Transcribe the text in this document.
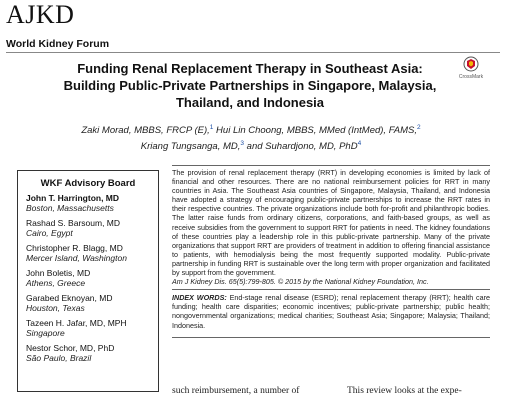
AJKD
World Kidney Forum
Funding Renal Replacement Therapy in Southeast Asia:
Building Public-Private Partnerships in Singapore, Malaysia,
Thailand, and Indonesia
CrossMark
Zaki Morad, MBBS, FRCP (E),$^1$ Hui Lin Choong, MBBS, MMed (IntMed), FAMS,$^2$
Kriang Tungsanga, MD,$^3$ and Suhardjono, MD, PhD$^4$
WKF Advisory Board
John T. Harrington, MD
Boston, Massachusetts
Rashad S. Barsoum, MD
Cairo, Egypt
Christopher R. Blagg, MD
Mercer Island, Washington
John Boletis, MD
Athens, Greece
Garabed Eknoyan, MD
Houston, Texas
Tazeen H. Jafar, MD, MPH
Singapore
Nestor Schor, MD, PhD
São Paulo, Brazil
The provision of renal replacement therapy (RRT) in developing economies is limited by lack of financial and other resources. There are no national reimbursement policies for RRT in many countries in Asia. The Southeast Asia countries of Singapore, Malaysia, Thailand, and Indonesia have adopted a strategy of encouraging public-private partnerships to increase the RRT rates in their respective countries. The private organizations include both for-profit and philanthropic bodies. The latter raise funds from ordinary citizens, corporations, and faith-based groups, as well as receive subsidies from the government to support RRT for patients in need. The kidney foundations of these countries play a leadership role in this public-private partnership. Many of the private organizations that support RRT are providers of treatment in addition to offering financial assistance to patients, with hemodialysis being the most frequently supported modality. Public-private partnership in funding RRT is sustainable over the long term with proper organization and facilitated by support from the government.
Am J Kidney Dis. 65(5):799-805. © 2015 by the National Kidney Foundation, Inc.
INDEX WORDS: End-stage renal disease (ESRD); renal replacement therapy (RRT); health care funding; health care disparities; economic incentives; public-private partnership; public health; nongovernmental organizations; medical charities; Southeast Asia; Singapore; Malaysia; Thailand; Indonesia.
such reimbursement, a number of	This review looks at the expe-
